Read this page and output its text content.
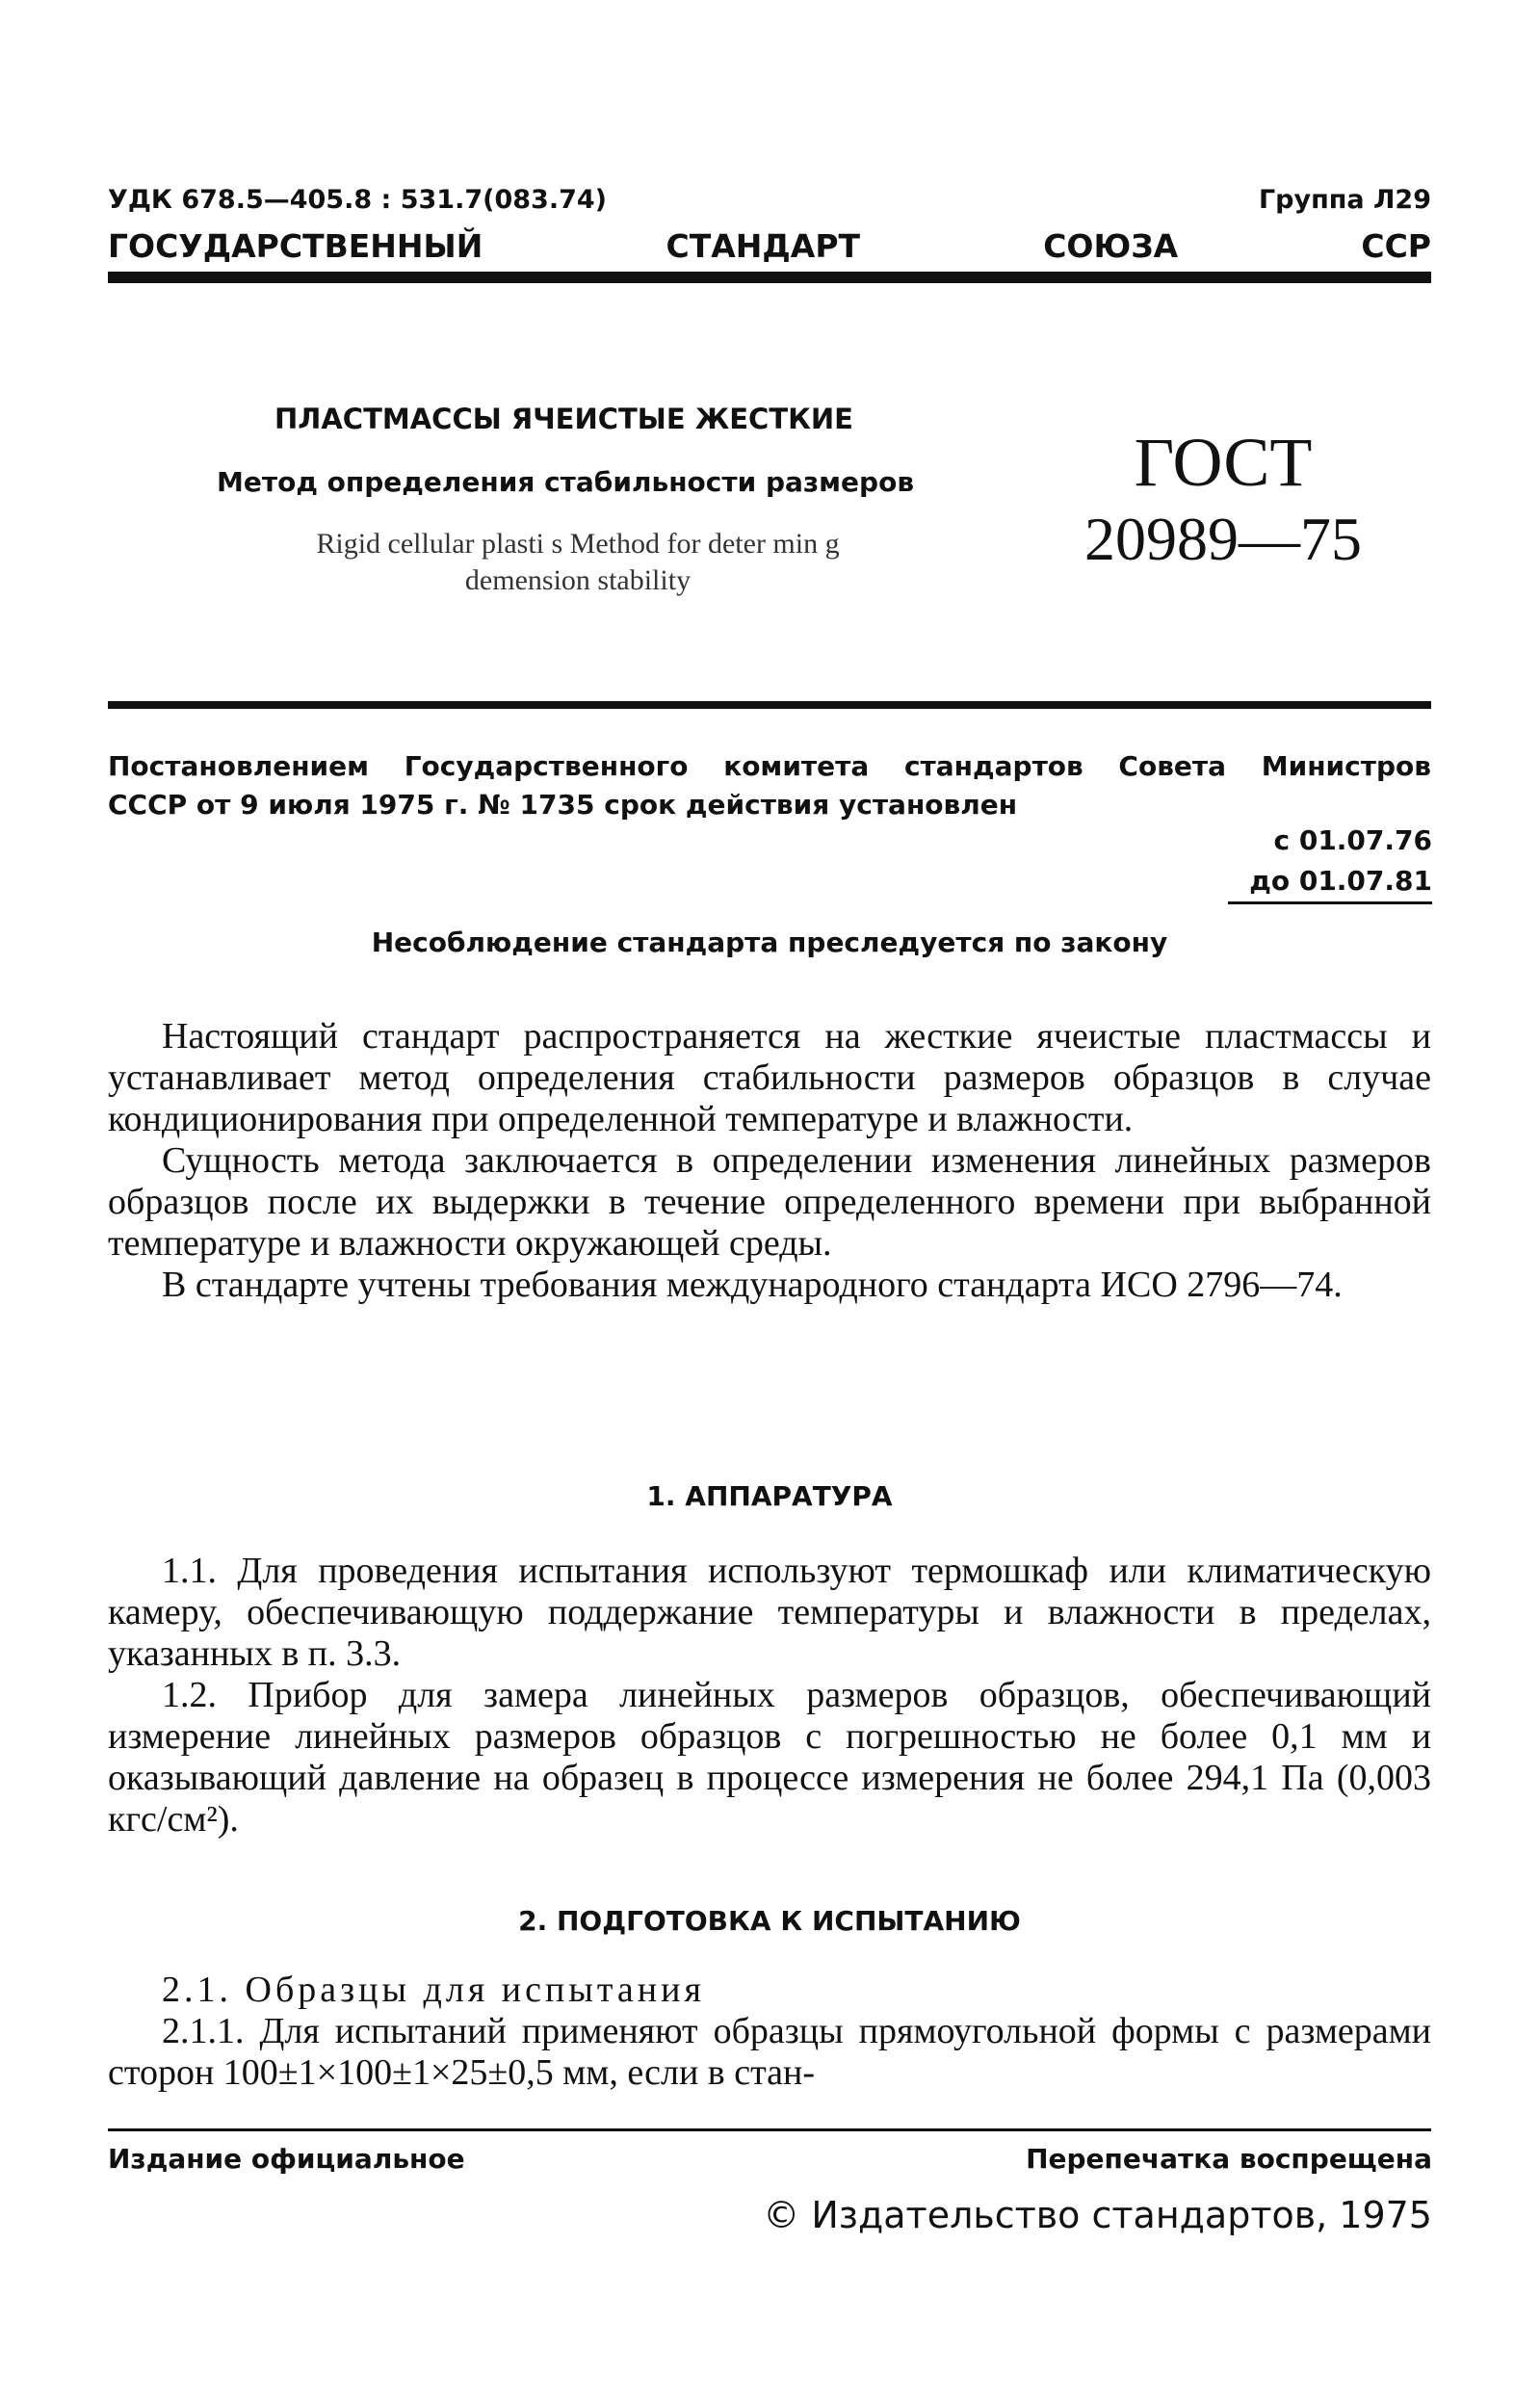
УДК 678.5—405.8 : 531.7(083.74)	Группа Л29
ГОСУДАРСТВЕННЫЙ	СТАНДАРТ	СОЮЗА	ССР
ПЛАСТМАССЫ ЯЧЕИСТЫЕ ЖЕСТКИЕ
Метод определения стабильности размеров
Rigid cellular plasti s Method for deter min g
demension stability
ГОСТ
20989—75
Постановлением Государственного комитета стандартов Совета Министров
СССР от 9 июля 1975 г. № 1735 срок действия установлен
с 01.07.76
до 01.07.81
Несоблюдение стандарта преследуется по закону

Настоящий стандарт распространяется на жесткие ячеистые пластмассы и устанавливает метод определения стабильности размеров образцов в случае кондиционирования при определенной температуре и влажности.

Сущность метода заключается в определении изменения линейных размеров образцов после их выдержки в течение определенного времени при выбранной температуре и влажности окружающей среды.

В стандарте учтены требования международного стандарта ИСО 2796—74.

1. АППАРАТУРА

1.1. Для проведения испытания используют термошкаф или климатическую камеру, обеспечивающую поддержание температуры и влажности в пределах, указанных в п. 3.3.

1.2. Прибор для замера линейных размеров образцов, обеспечивающий измерение линейных размеров образцов с погрешностью не более 0,1 мм и оказывающий давление на образец в процессе измерения не более 294,1 Па (0,003 кгс/см²).

2. ПОДГОТОВКА К ИСПЫТАНИЮ

2.1. Образцы для испытания

2.1.1. Для испытаний применяют образцы прямоугольной формы с размерами сторон 100±1×100±1×25±0,5 мм, если в стан-

Издание официальное	Перепечатка воспрещена
© Издательство стандартов, 1975
